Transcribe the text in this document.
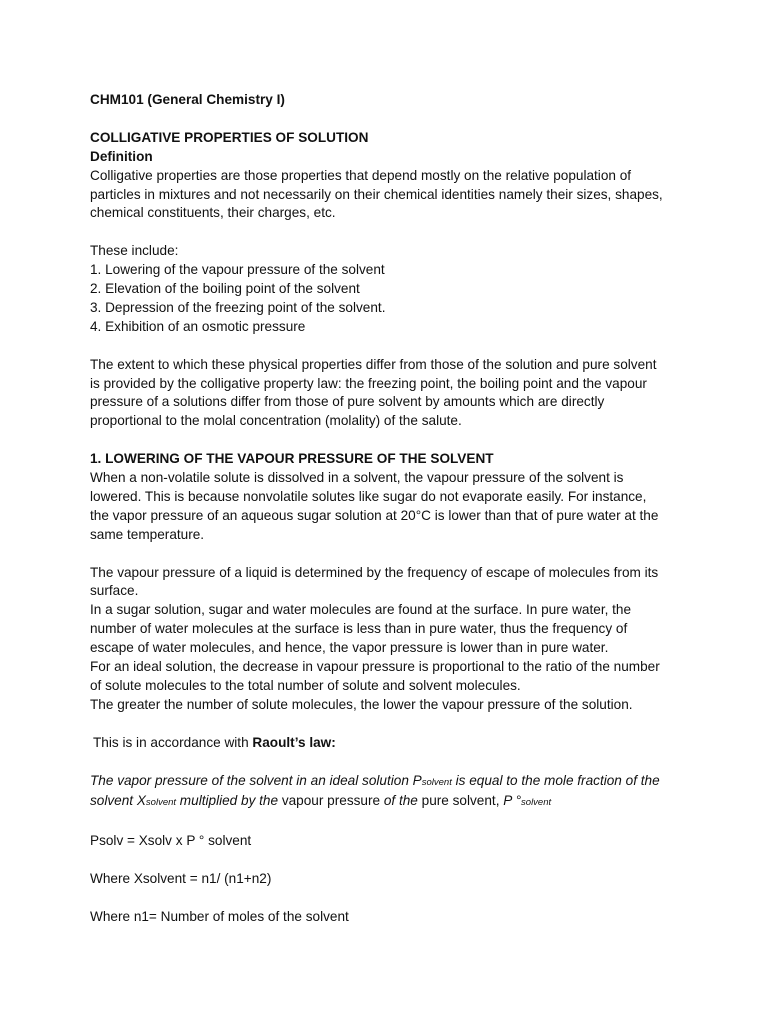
CHM101 (General Chemistry I)
COLLIGATIVE PROPERTIES OF SOLUTION
Definition
Colligative properties are those properties that depend mostly on the relative population of
particles in mixtures and not necessarily on their chemical identities namely their sizes, shapes,
chemical constituents, their charges, etc.
These include:
1. Lowering of the vapour pressure of the solvent
2. Elevation of the boiling point of the solvent
3. Depression of the freezing point of the solvent.
4. Exhibition of an osmotic pressure
The extent to which these physical properties differ from those of the solution and pure solvent
is provided by the colligative property law: the freezing point, the boiling point and the vapour
pressure of a solutions differ from those of pure solvent by amounts which are directly
proportional to the molal concentration (molality) of the salute.
1. LOWERING OF THE VAPOUR PRESSURE OF THE SOLVENT
When a non-volatile solute is dissolved in a solvent, the vapour pressure of the solvent is
lowered. This is because nonvolatile solutes like sugar do not evaporate easily. For instance,
the vapor pressure of an aqueous sugar solution at 20°C is lower than that of pure water at the
same temperature.
The vapour pressure of a liquid is determined by the frequency of escape of molecules from its
surface.
In a sugar solution, sugar and water molecules are found at the surface. In pure water, the
number of water molecules at the surface is less than in pure water, thus the frequency of
escape of water molecules, and hence, the vapor pressure is lower than in pure water.
For an ideal solution, the decrease in vapour pressure is proportional to the ratio of the number
of solute molecules to the total number of solute and solvent molecules.
The greater the number of solute molecules, the lower the vapour pressure of the solution.
This is in accordance with Raoult’s law:
The vapor pressure of the solvent in an ideal solution Psolvent is equal to the mole fraction of the
solvent Xsolvent multiplied by the vapour pressure of the pure solvent, P °solvent
Psolv = Xsolv x P ° solvent
Where Xsolvent = n1/ (n1+n2)
Where n1= Number of moles of the solvent
